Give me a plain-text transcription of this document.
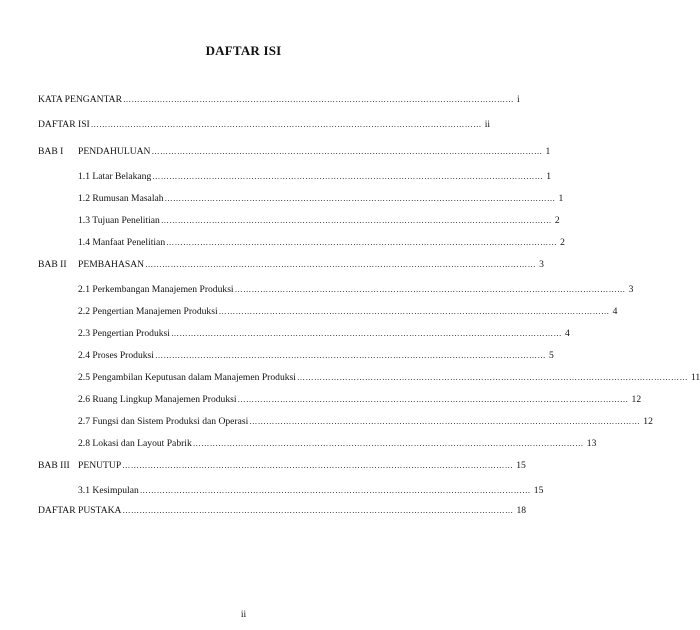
DAFTAR ISI
KATA PENGANTAR ………………………………………………………………………………………………………………………… i
DAFTAR ISI ………………………………………………………………………………………………………………………… ii
BAB I PENDAHULUAN ………………………………………………………………………………………………………………………… 1
1.1 Latar Belakang ………………………………………………………………………………………………………………………… 1
1.2 Rumusan Masalah ………………………………………………………………………………………………………………………… 1
1.3 Tujuan Penelitian ………………………………………………………………………………………………………………………… 2
1.4 Manfaat Penelitian ………………………………………………………………………………………………………………………… 2
BAB II PEMBAHASAN ………………………………………………………………………………………………………………………… 3
2.1 Perkembangan Manajemen Produksi ………………………………………………………………………………………………………………………… 3
2.2 Pengertian Manajemen Produksi ………………………………………………………………………………………………………………………… 4
2.3 Pengertian Produksi ………………………………………………………………………………………………………………………… 4
2.4 Proses Produksi ………………………………………………………………………………………………………………………… 5
2.5 Pengambilan Keputusan dalam Manajemen Produksi ………………………………………………………………………………………………………………………… 11
2.6 Ruang Lingkup Manajemen Produksi ………………………………………………………………………………………………………………………… 12
2.7 Fungsi dan Sistem Produksi dan Operasi ………………………………………………………………………………………………………………………… 12
2.8 Lokasi dan Layout Pabrik ………………………………………………………………………………………………………………………… 13
BAB III PENUTUP ………………………………………………………………………………………………………………………… 15
3.1 Kesimpulan ………………………………………………………………………………………………………………………… 15
DAFTAR PUSTAKA ………………………………………………………………………………………………………………………… 18
ii
